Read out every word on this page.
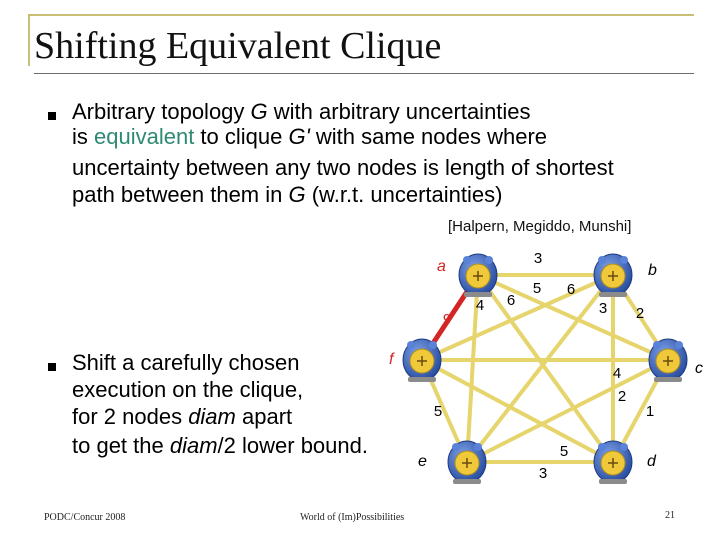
Shifting Equivalent Clique
Arbitrary topology G with arbitrary uncertainties
is equivalent to clique G' with same nodes where
uncertainty between any two nodes is length of shortest
path between them in G (w.r.t. uncertainties)
[Halpern, Megiddo, Munshi]
Shift a carefully chosen
execution on the clique,
for 2 nodes diam apart
to get the diam/2 lower bound.
3
2
1
3
5
9
4
5
5
2
6	3
4
6
a	b
c
d
e
f
PODC/Concur 2008	World of (Im)Possibilities	21
